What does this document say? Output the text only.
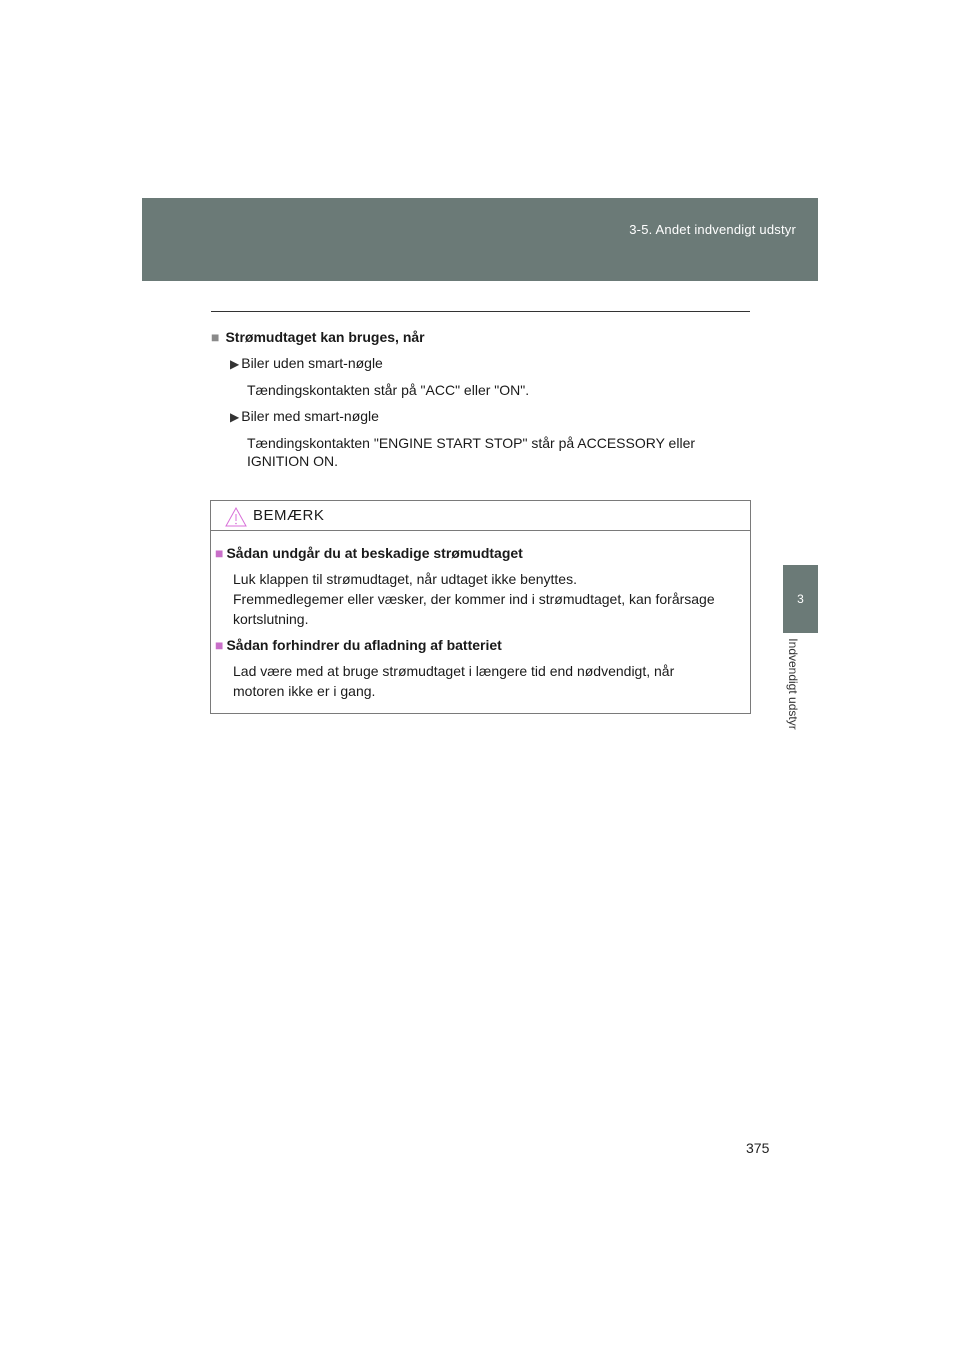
3-5. Andet indvendigt udstyr
3
Indvendigt udstyr
■ Strømudtaget kan bruges, når
▶ Biler uden smart-nøgle
Tændingskontakten står på "ACC" eller "ON".
▶ Biler med smart-nøgle
Tændingskontakten "ENGINE START STOP" står på ACCESSORY eller
IGNITION ON.
BEMÆRK
■ Sådan undgår du at beskadige strømudtaget
Luk klappen til strømudtaget, når udtaget ikke benyttes.
Fremmedlegemer eller væsker, der kommer ind i strømudtaget, kan forårsage
kortslutning.
■ Sådan forhindrer du afladning af batteriet
Lad være med at bruge strømudtaget i længere tid end nødvendigt, når
motoren ikke er i gang.
375
